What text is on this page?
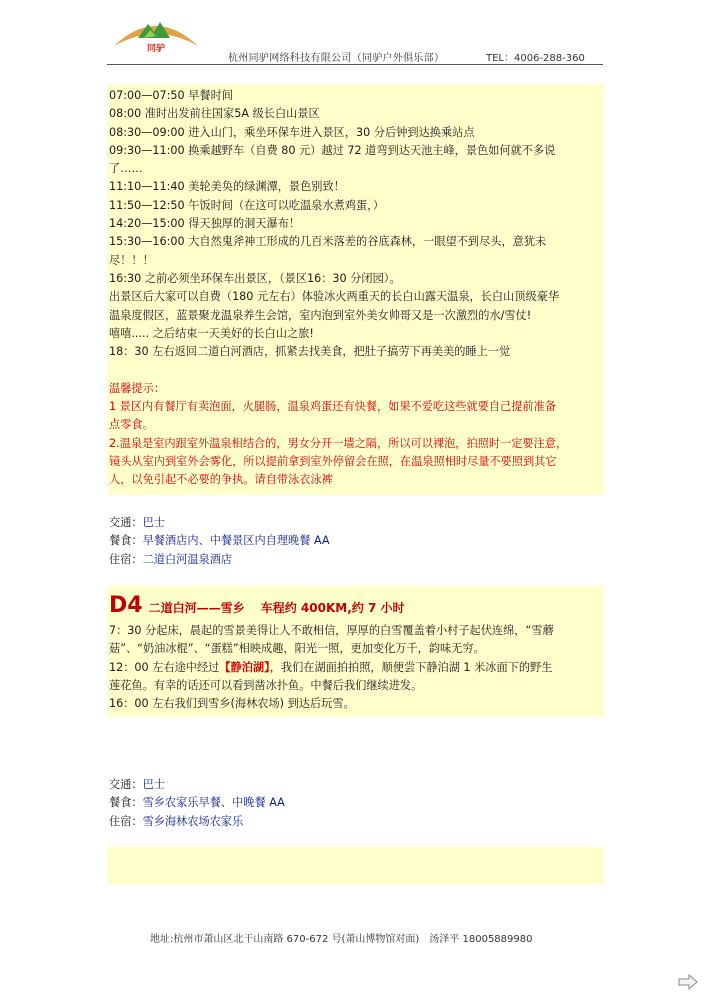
同驴
杭州同驴网络科技有限公司（同驴户外俱乐部）	TEL：4006-288-360
07:00—07:50 早餐时间
08:00 准时出发前往国家5A 级长白山景区
08:30—09:00 进入山门，乘坐环保车进入景区，30 分后钟到达换乘站点
09:30—11:00 换乘越野车（自费 80 元）越过 72 道弯到达天池主峰，景色如何就不多说
了……
11:10—11:40 美轮美奂的绿渊潭，景色别致！
11:50—12:50 午饭时间（在这可以吃温泉水煮鸡蛋，）
14:20—15:00 得天独厚的洞天瀑布！
15:30—16:00 大自然鬼斧神工形成的几百米落差的谷底森林，一眼望不到尽头，意犹未
尽！！！
16:30 之前必须坐环保车出景区，（景区16：30 分闭园）。
出景区后大家可以自费（180 元左右）体验冰火两重天的长白山露天温泉，长白山顶级豪华
温泉度假区，蓝景聚龙温泉养生会馆，室内泡到室外美女帅哥又是一次激烈的水/雪仗!
嘻嘻..... 之后结束一天美好的长白山之旅!
18：30 左右返回二道白河酒店，抓紧去找美食，把肚子搞劳下再美美的睡上一觉
温馨提示：
1 景区内有餐厅有卖泡面，火腿肠，温泉鸡蛋还有快餐，如果不爱吃这些就要自己提前准备
点零食。
2.温泉是室内跟室外温泉相结合的，男女分开一墙之隔，所以可以裸泡，拍照时一定要注意，
镜头从室内到室外会雾化，所以提前拿到室外停留会在照，在温泉照相时尽量不要照到其它
人，以免引起不必要的争执。请自带泳衣泳裤
交通：巴士
餐食：早餐酒店内、中餐景区内自理晚餐 AA
住宿：二道白河温泉酒店
D4 二道白河——雪乡　 车程约 400KM,约 7 小时
7：30 分起床，晨起的雪景美得让人不敢相信，厚厚的白雪覆盖着小村子起伏连绵，“雪蘑
菇”、“奶油冰棍”、“蛋糕”相映成趣，阳光一照，更加变化万千，韵味无穷。
12：00 左右途中经过【静泊湖】，我们在湖面拍拍照，顺便尝下静泊湖 1 米冰面下的野生
莲花鱼。有幸的话还可以看到凿冰扑鱼。中餐后我们继续进发。
16：00 左右我们到雪乡(海林农场) 到达后玩雪。
交通：巴士
餐食：雪乡农家乐早餐、中晚餐 AA
住宿：雪乡海林农场农家乐
地址:杭州市萧山区北干山南路 670-672 号(萧山博物馆对面)　汤泽平 18005889980
